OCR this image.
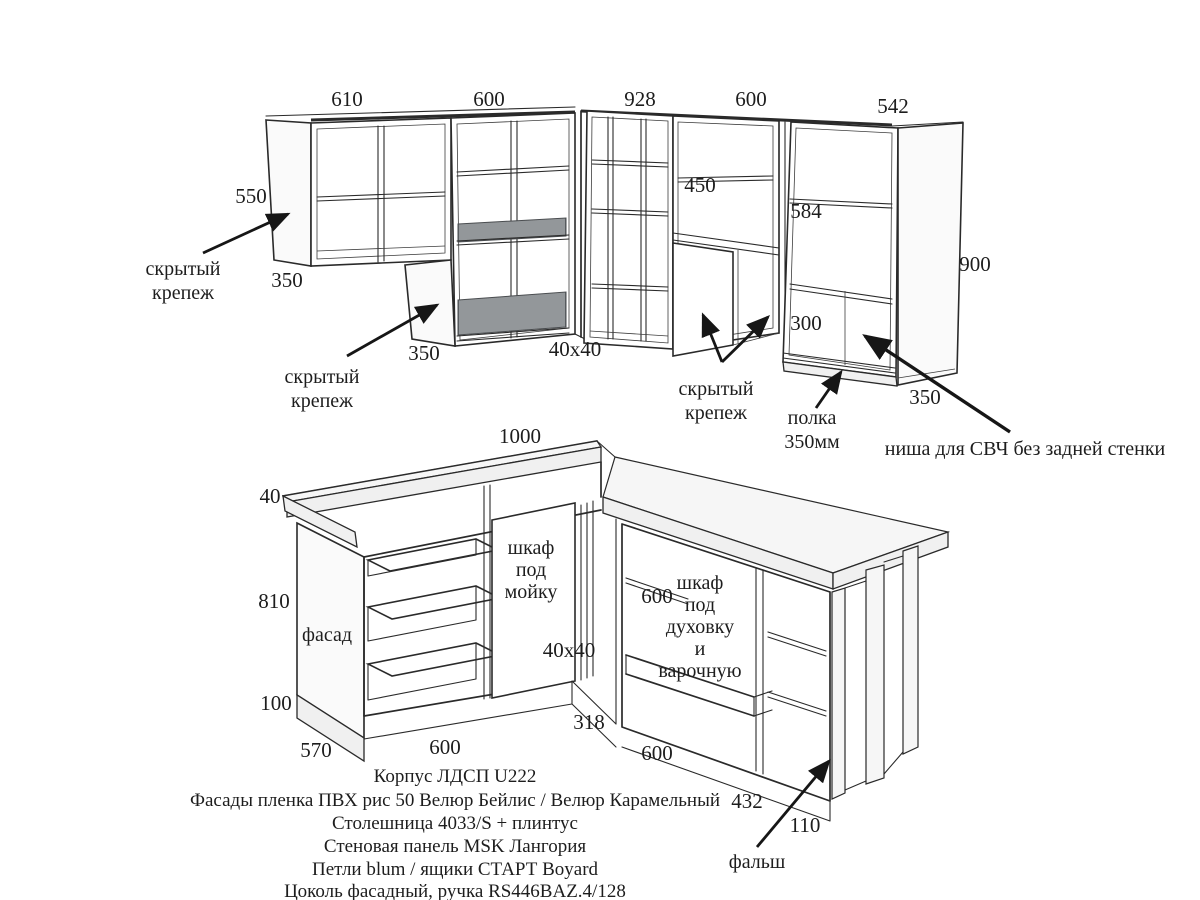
610	600	928	600	542
550
350
350	40x40
450
584
900
300
350
скрытый крепеж
скрытый крепеж
скрытый крепеж	полка 350мм ниша для СВЧ без задней стенки
1000
40
810
100
570	600
40x40
318
600
600
432
110
фасад
шкаф под мойку	шкаф под духовку и варочную
фальш
Корпус ЛДСП U222
Фасады пленка ПВХ рис 50 Велюр Бейлис / Велюр Карамельный
Столешница 4033/S + плинтус
Стеновая панель MSK Лангория
Петли blum / ящики СТАРТ Boyard
Цоколь фасадный, ручка RS446BAZ.4/128
